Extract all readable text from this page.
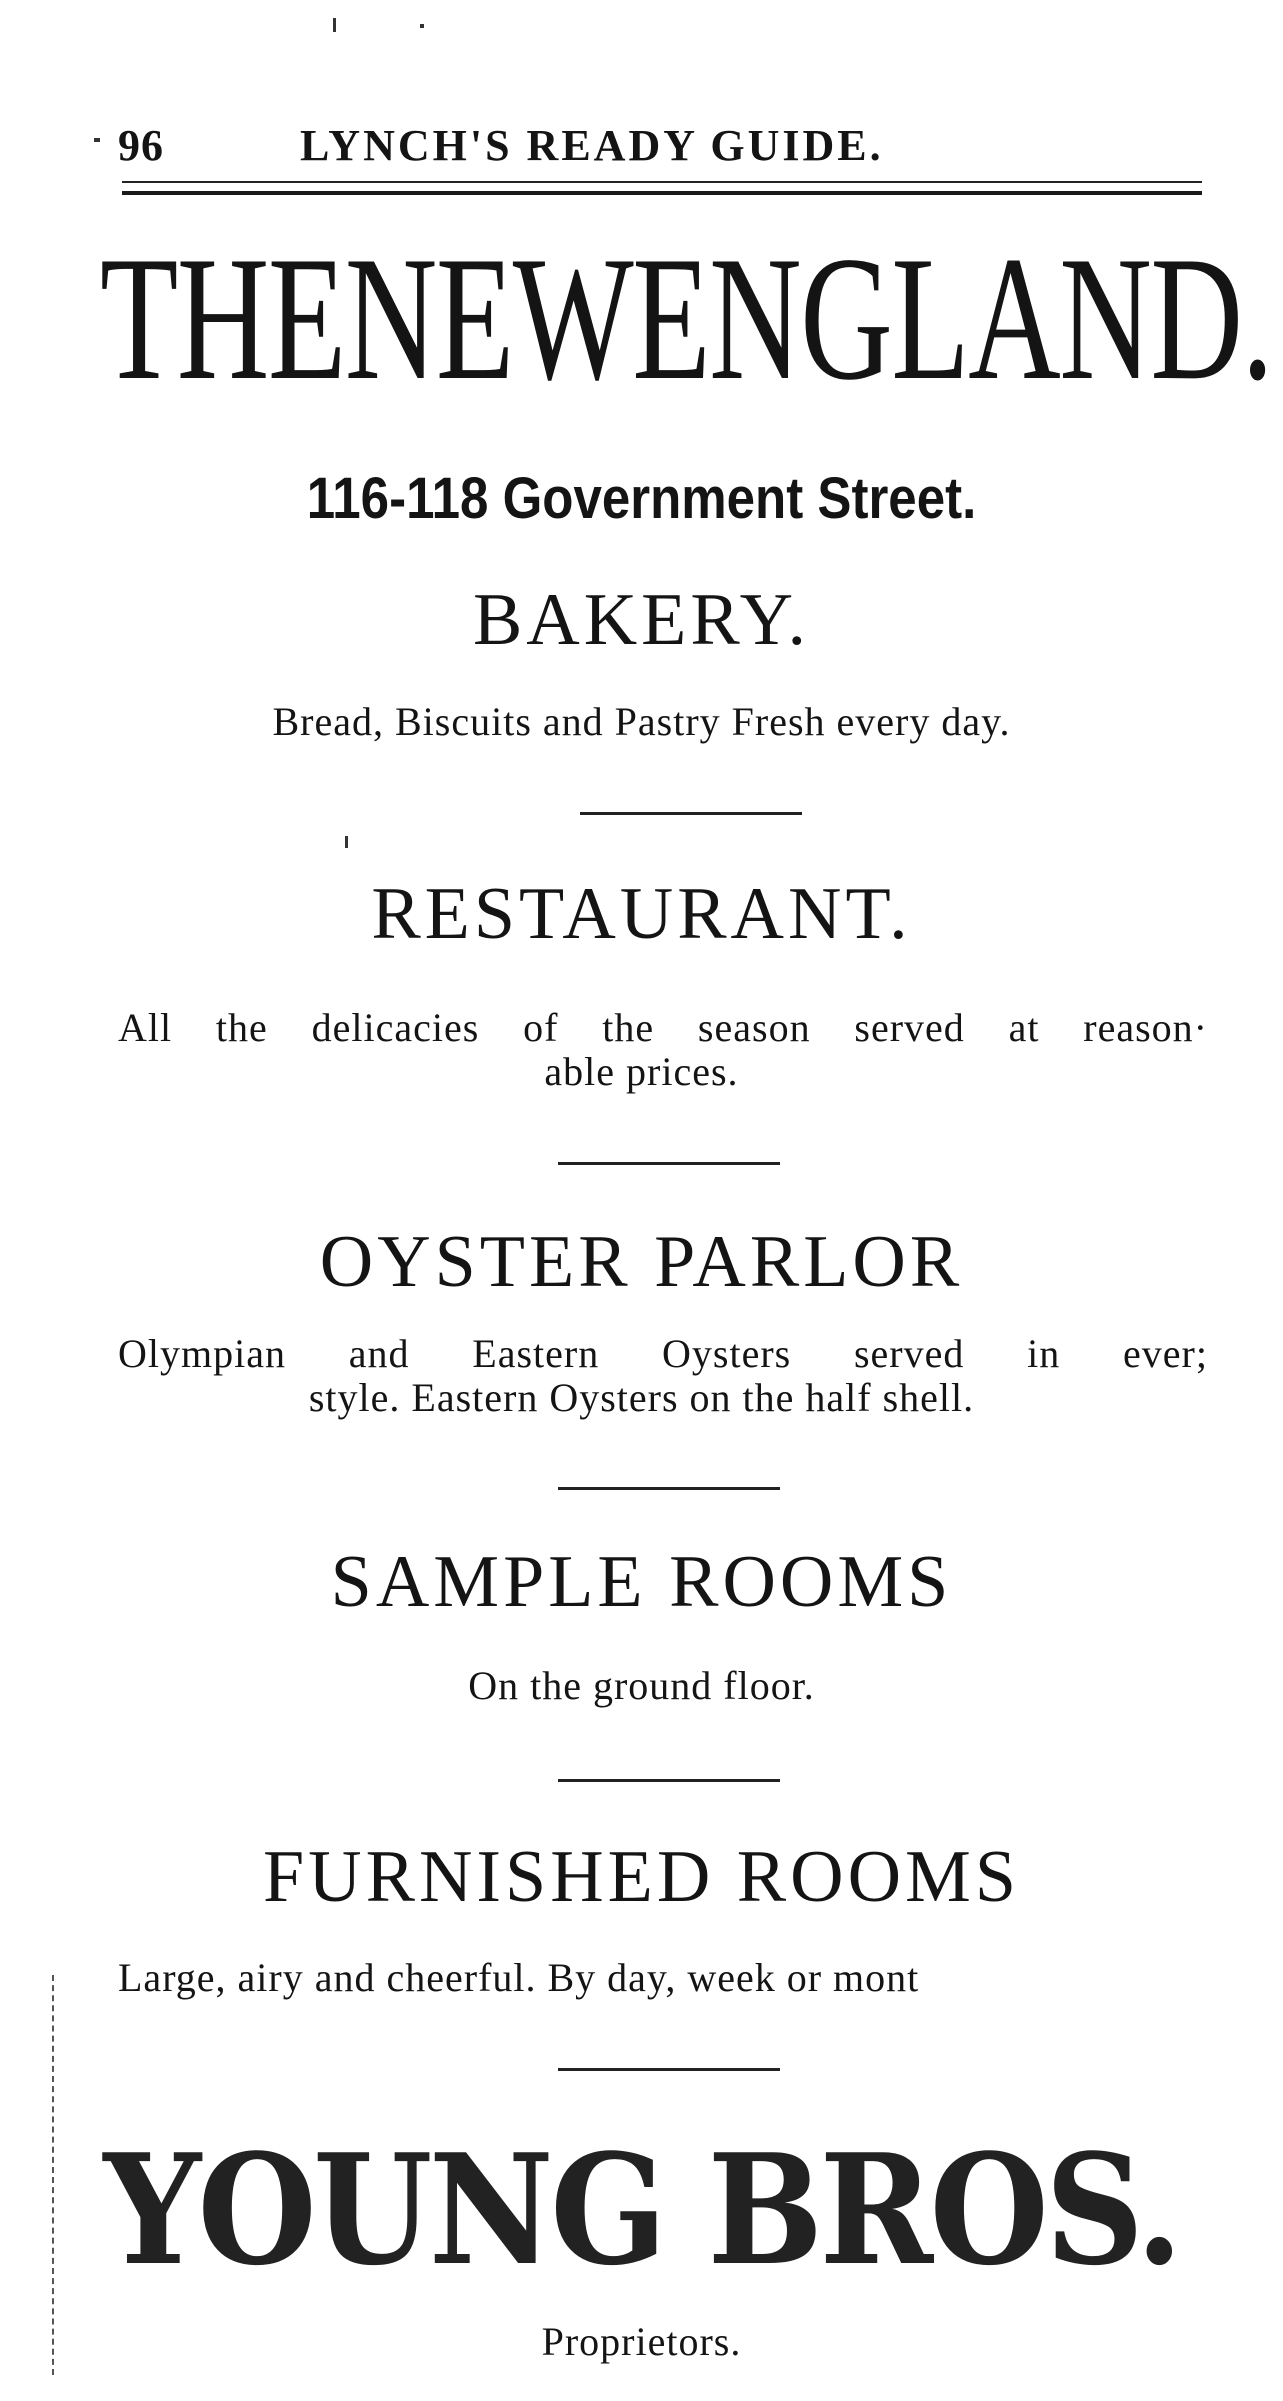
96	LYNCH'S READY GUIDE.
THE NEW ENGLAND.
116-118 Government Street.
BAKERY.
Bread, Biscuits and Pastry Fresh every day.
RESTAURANT.
All the delicacies of the season served at reason·
able prices.
OYSTER PARLOR
Olympian and Eastern Oysters served in ever;
style. Eastern Oysters on the half shell.
SAMPLE ROOMS
On the ground floor.
FURNISHED ROOMS
Large, airy and cheerful. By day, week or mont
YOUNG BROS.
Proprietors.
